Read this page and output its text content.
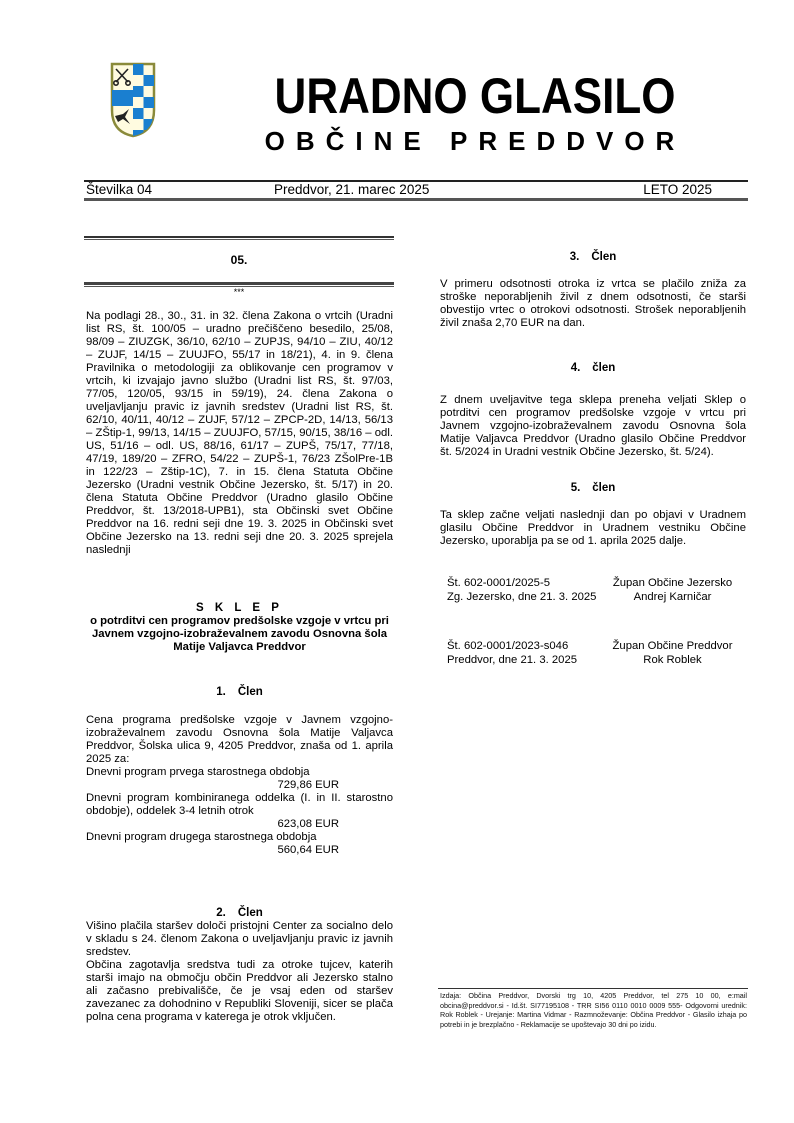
URADNO GLASILO
OBČINE PREDDVOR
Številka 04	Preddvor, 21. marec 2025	LETO 2025
05.
***
Na podlagi 28., 30., 31. in 32. člena Zakona o vrtcih (Uradni list RS, št. 100/05 – uradno prečiščeno besedilo, 25/08, 98/09 – ZIUZGK, 36/10, 62/10 – ZUPJS, 94/10 – ZIU, 40/12 – ZUJF, 14/15 – ZUUJFO, 55/17 in 18/21), 4. in 9. člena Pravilnika o metodologiji za oblikovanje cen programov v vrtcih, ki izvajajo javno službo (Uradni list RS, št. 97/03, 77/05, 120/05, 93/15 in 59/19), 24. člena Zakona o uveljavljanju pravic iz javnih sredstev (Uradni list RS, št. 62/10, 40/11, 40/12 – ZUJF, 57/12 – ZPCP-2D, 14/13, 56/13 – ZŠtip-1, 99/13, 14/15 – ZUUJFO, 57/15, 90/15, 38/16 – odl. US, 51/16 – odl. US, 88/16, 61/17 – ZUPŠ, 75/17, 77/18, 47/19, 189/20 – ZFRO, 54/22 – ZUPŠ-1, 76/23 ZŠolPre-1B in 122/23 – Zštip-1C), 7. in 15. člena Statuta Občine Jezersko (Uradni vestnik Občine Jezersko, št. 5/17) in 20. člena Statuta Občine Preddvor (Uradno glasilo Občine Preddvor, št. 13/2018-UPB1), sta Občinski svet Občine Preddvor na 16. redni seji dne 19. 3. 2025 in Občinski svet Občine Jezersko na 13. redni seji dne 20. 3. 2025 sprejela naslednji
S K L E P
o potrditvi cen programov predšolske vzgoje v vrtcu pri Javnem vzgojno-izobraževalnem zavodu Osnovna šola Matije Valjavca Preddvor
1. Člen
Cena programa predšolske vzgoje v Javnem vzgojno-izobraževalnem zavodu Osnovna šola Matije Valjavca Preddvor, Šolska ulica 9, 4205 Preddvor, znaša od 1. aprila 2025 za:
Dnevni program prvega starostnega obdobja
729,86 EUR
Dnevni program kombiniranega oddelka (I. in II. starostno obdobje), oddelek 3-4 letnih otrok
623,08 EUR
Dnevni program drugega starostnega obdobja
560,64 EUR
2. Člen
Višino plačila staršev določi pristojni Center za socialno delo v skladu s 24. členom Zakona o uveljavljanju pravic iz javnih sredstev.
Občina zagotavlja sredstva tudi za otroke tujcev, katerih starši imajo na območju občin Preddvor ali Jezersko stalno ali začasno prebivališče, če je vsaj eden od staršev zavezanec za dohodnino v Republiki Sloveniji, sicer se plača polna cena programa v katerega je otrok vključen.
3. Člen
V primeru odsotnosti otroka iz vrtca se plačilo zniža za stroške neporabljenih živil z dnem odsotnosti, če starši obvestijo vrtec o otrokovi odsotnosti. Strošek neporabljenih živil znaša 2,70 EUR na dan.
4. člen
Z dnem uveljavitve tega sklepa preneha veljati Sklep o potrditvi cen programov predšolske vzgoje v vrtcu pri Javnem vzgojno-izobraževalnem zavodu Osnovna šola Matije Valjavca Preddvor (Uradno glasilo Občine Preddvor št. 5/2024 in Uradni vestnik Občine Jezersko, št. 5/24).
5. člen
Ta sklep začne veljati naslednji dan po objavi v Uradnem glasilu Občine Preddvor in Uradnem vestniku Občine Jezersko, uporablja pa se od 1. aprila 2025 dalje.
Št. 602-0001/2025-5
Zg. Jezersko, dne 21. 3. 2025
Župan Občine Jezersko
Andrej Karničar
Št. 602-0001/2023-s046
Preddvor, dne 21. 3. 2025
Župan Občine Preddvor
Rok Roblek
Izdaja: Občina Preddvor, Dvorski trg 10, 4205 Preddvor, tel 275 10 00, e:mail obcina@preddvor.si - Id.št. SI77195108 - TRR SI56 0110 0010 0009 555- Odgovorni urednik: Rok Roblek - Urejanje: Martina Vidmar - Razmnoževanje: Občina Preddvor - Glasilo izhaja po potrebi in je brezplačno - Reklamacije se upoštevajo 30 dni po izidu.
